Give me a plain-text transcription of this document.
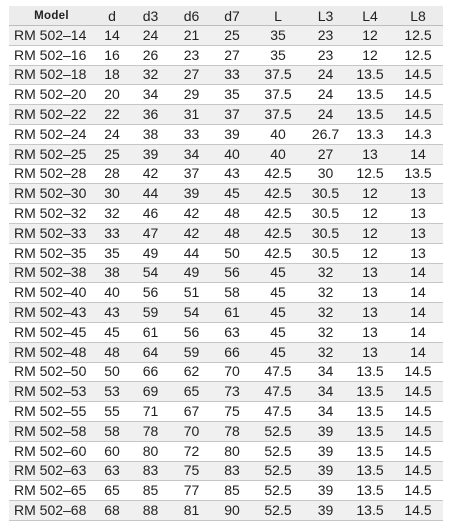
Model	d	d3	d6	d7	L	L3	L4	L8
RM 502–14	14	24	21	25	35	23	12	12.5
RM 502–16	16	26	23	27	35	23	12	12.5
RM 502–18	18	32	27	33	37.5	24	13.5	14.5
RM 502–20	20	34	29	35	37.5	24	13.5	14.5
RM 502–22	22	36	31	37	37.5	24	13.5	14.5
RM 502–24	24	38	33	39	40	26.7	13.3	14.3
RM 502–25	25	39	34	40	40	27	13	14
RM 502–28	28	42	37	43	42.5	30	12.5	13.5
RM 502–30	30	44	39	45	42.5	30.5	12	13
RM 502–32	32	46	42	48	42.5	30.5	12	13
RM 502–33	33	47	42	48	42.5	30.5	12	13
RM 502–35	35	49	44	50	42.5	30.5	12	13
RM 502–38	38	54	49	56	45	32	13	14
RM 502–40	40	56	51	58	45	32	13	14
RM 502–43	43	59	54	61	45	32	13	14
RM 502–45	45	61	56	63	45	32	13	14
RM 502–48	48	64	59	66	45	32	13	14
RM 502–50	50	66	62	70	47.5	34	13.5	14.5
RM 502–53	53	69	65	73	47.5	34	13.5	14.5
RM 502–55	55	71	67	75	47.5	34	13.5	14.5
RM 502–58	58	78	70	78	52.5	39	13.5	14.5
RM 502–60	60	80	72	80	52.5	39	13.5	14.5
RM 502–63	63	83	75	83	52.5	39	13.5	14.5
RM 502–65	65	85	77	85	52.5	39	13.5	14.5
RM 502–68	68	88	81	90	52.5	39	13.5	14.5
